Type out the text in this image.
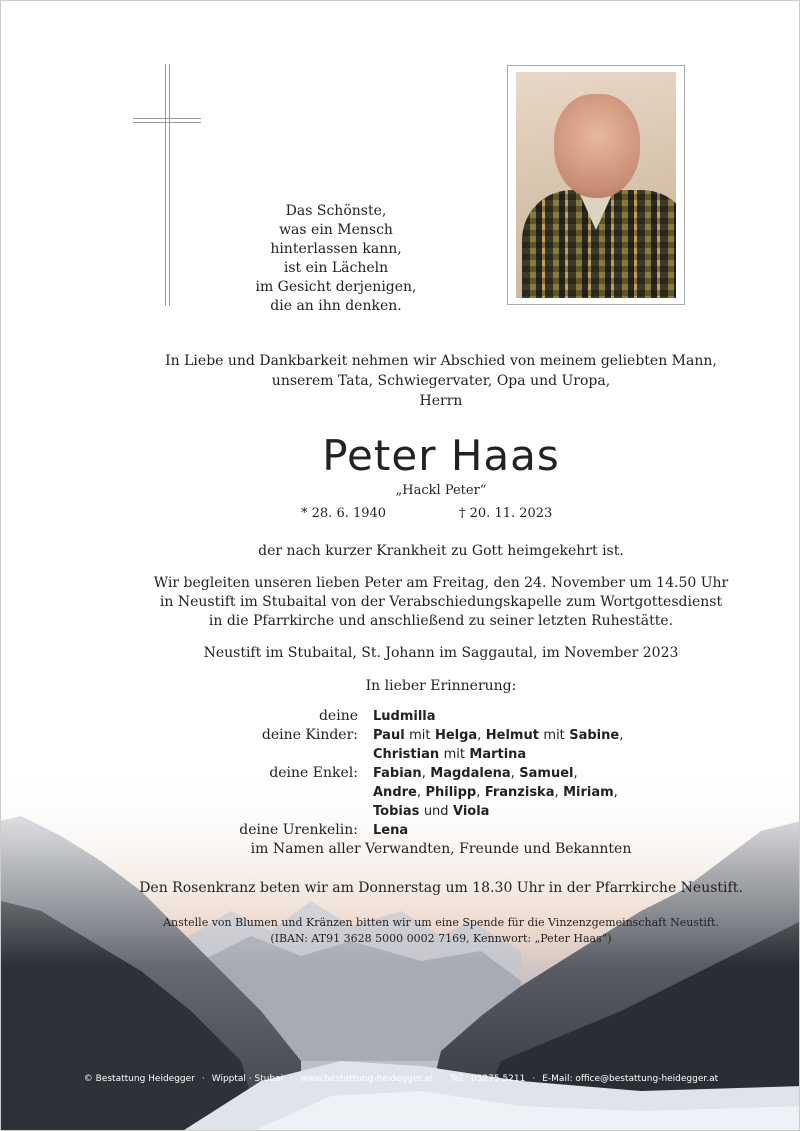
Das Schönste,
was ein Mensch
hinterlassen kann,
ist ein Lächeln
im Gesicht derjenigen,
die an ihn denken.
In Liebe und Dankbarkeit nehmen wir Abschied von meinem geliebten Mann,
unserem Tata, Schwiegervater, Opa und Uropa,
Herrn
Peter Haas
„Hackl Peter“
* 28. 6. 1940	† 20. 11. 2023
der nach kurzer Krankheit zu Gott heimgekehrt ist.
Wir begleiten unseren lieben Peter am Freitag, den 24. November um 14.50 Uhr
in Neustift im Stubaital von der Verabschiedungskapelle zum Wortgottesdienst
in die Pfarrkirche und anschließend zu seiner letzten Ruhestätte.
Neustift im Stubaital, St. Johann im Saggautal, im November 2023
In lieber Erinnerung:
deine Ludmilla
deine Kinder: Paul mit Helga, Helmut mit Sabine,
Christian mit Martina
deine Enkel: Fabian, Magdalena, Samuel,
Andre, Philipp, Franziska, Miriam,
Tobias und Viola
deine Urenkelin: Lena
im Namen aller Verwandten, Freunde und Bekannten
Den Rosenkranz beten wir am Donnerstag um 18.30 Uhr in der Pfarrkirche Neustift.
Anstelle von Blumen und Kränzen bitten wir um eine Spende für die Vinzenzgemeinschaft Neustift.
(IBAN: AT91 3628 5000 0002 7169, Kennwort: „Peter Haas“)
© Bestattung Heidegger · Wipptal · Stubai · www.bestattung-heidegger.at · Tel.: 05275 5211 · E-Mail: office@bestattung-heidegger.at
